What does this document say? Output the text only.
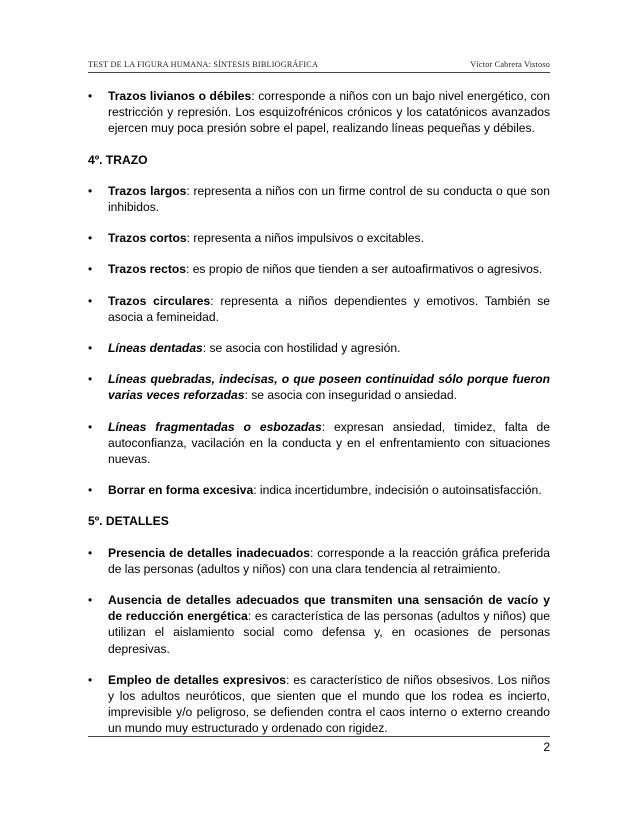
TEST DE LA FIGURA HUMANA: SÍNTESIS BIBLIOGRÁFICA	Víctor Cabrera Vistoso
•	Trazos livianos o débiles: corresponde a niños con un bajo nivel energético, con restricción y represión. Los esquizofrénicos crónicos y los catatónicos avanzados ejercen muy poca presión sobre el papel, realizando líneas pequeñas y débiles.
4º. TRAZO
•	Trazos largos: representa a niños con un firme control de su conducta o que son inhibidos.
•	Trazos cortos: representa a niños impulsivos o excitables.
•	Trazos rectos: es propio de niños que tienden a ser autoafirmativos o agresivos.
•	Trazos circulares: representa a niños dependientes y emotivos. También se asocia a femineidad.
•	Líneas dentadas: se asocia con hostilidad y agresión.
•	Líneas quebradas, indecisas, o que poseen continuidad sólo porque fueron varias veces reforzadas: se asocia con inseguridad o ansiedad.
•	Líneas fragmentadas o esbozadas: expresan ansiedad, timidez, falta de autoconfianza, vacilación en la conducta y en el enfrentamiento con situaciones nuevas.
•	Borrar en forma excesiva: indica incertidumbre, indecisión o autoinsatisfacción.
5º. DETALLES
•	Presencia de detalles inadecuados: corresponde a la reacción gráfica preferida de las personas (adultos y niños) con una clara tendencia al retraimiento.
•	Ausencia de detalles adecuados que transmiten una sensación de vacío y de reducción energética: es característica de las personas (adultos y niños) que utilizan el aislamiento social como defensa y, en ocasiones de personas depresivas.
•	Empleo de detalles expresivos: es característico de niños obsesivos. Los niños y los adultos neuróticos, que sienten que el mundo que los rodea es incierto, imprevisible y/o peligroso, se defienden contra el caos interno o externo creando un mundo muy estructurado y ordenado con rigidez.
2
